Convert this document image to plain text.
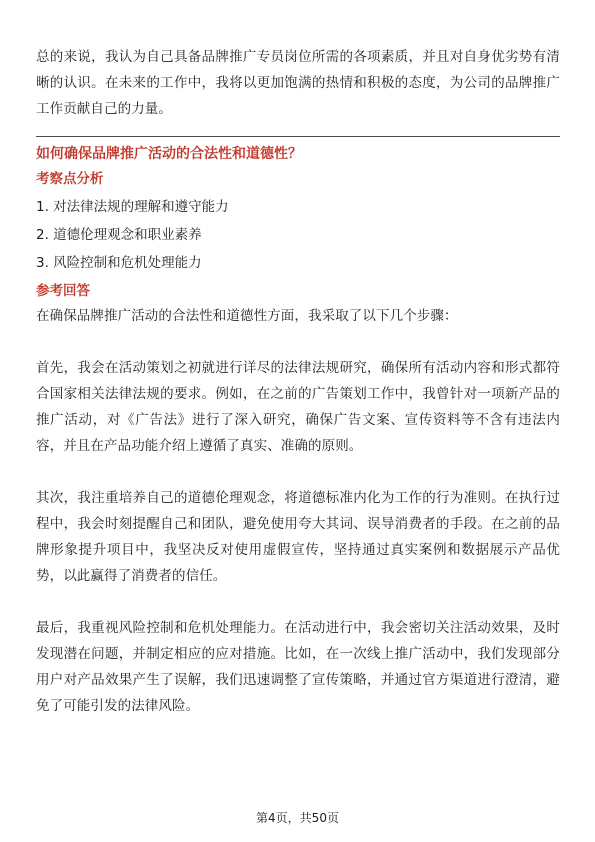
总的来说，我认为自己具备品牌推广专员岗位所需的各项素质，并且对自身优劣势有清晰的认识。在未来的工作中，我将以更加饱满的热情和积极的态度，为公司的品牌推广工作贡献自己的力量。

如何确保品牌推广活动的合法性和道德性？
考察点分析
1. 对法律法规的理解和遵守能力
2. 道德伦理观念和职业素养
3. 风险控制和危机处理能力
参考回答

在确保品牌推广活动的合法性和道德性方面，我采取了以下几个步骤：

首先，我会在活动策划之初就进行详尽的法律法规研究，确保所有活动内容和形式都符合国家相关法律法规的要求。例如，在之前的广告策划工作中，我曾针对一项新产品的推广活动，对《广告法》进行了深入研究，确保广告文案、宣传资料等不含有违法内容，并且在产品功能介绍上遵循了真实、准确的原则。

其次，我注重培养自己的道德伦理观念，将道德标准内化为工作的行为准则。在执行过程中，我会时刻提醒自己和团队，避免使用夸大其词、误导消费者的手段。在之前的品牌形象提升项目中，我坚决反对使用虚假宣传，坚持通过真实案例和数据展示产品优势，以此赢得了消费者的信任。

最后，我重视风险控制和危机处理能力。在活动进行中，我会密切关注活动效果，及时发现潜在问题，并制定相应的应对措施。比如，在一次线上推广活动中，我们发现部分用户对产品效果产生了误解，我们迅速调整了宣传策略，并通过官方渠道进行澄清，避免了可能引发的法律风险。

第4页，共50页
